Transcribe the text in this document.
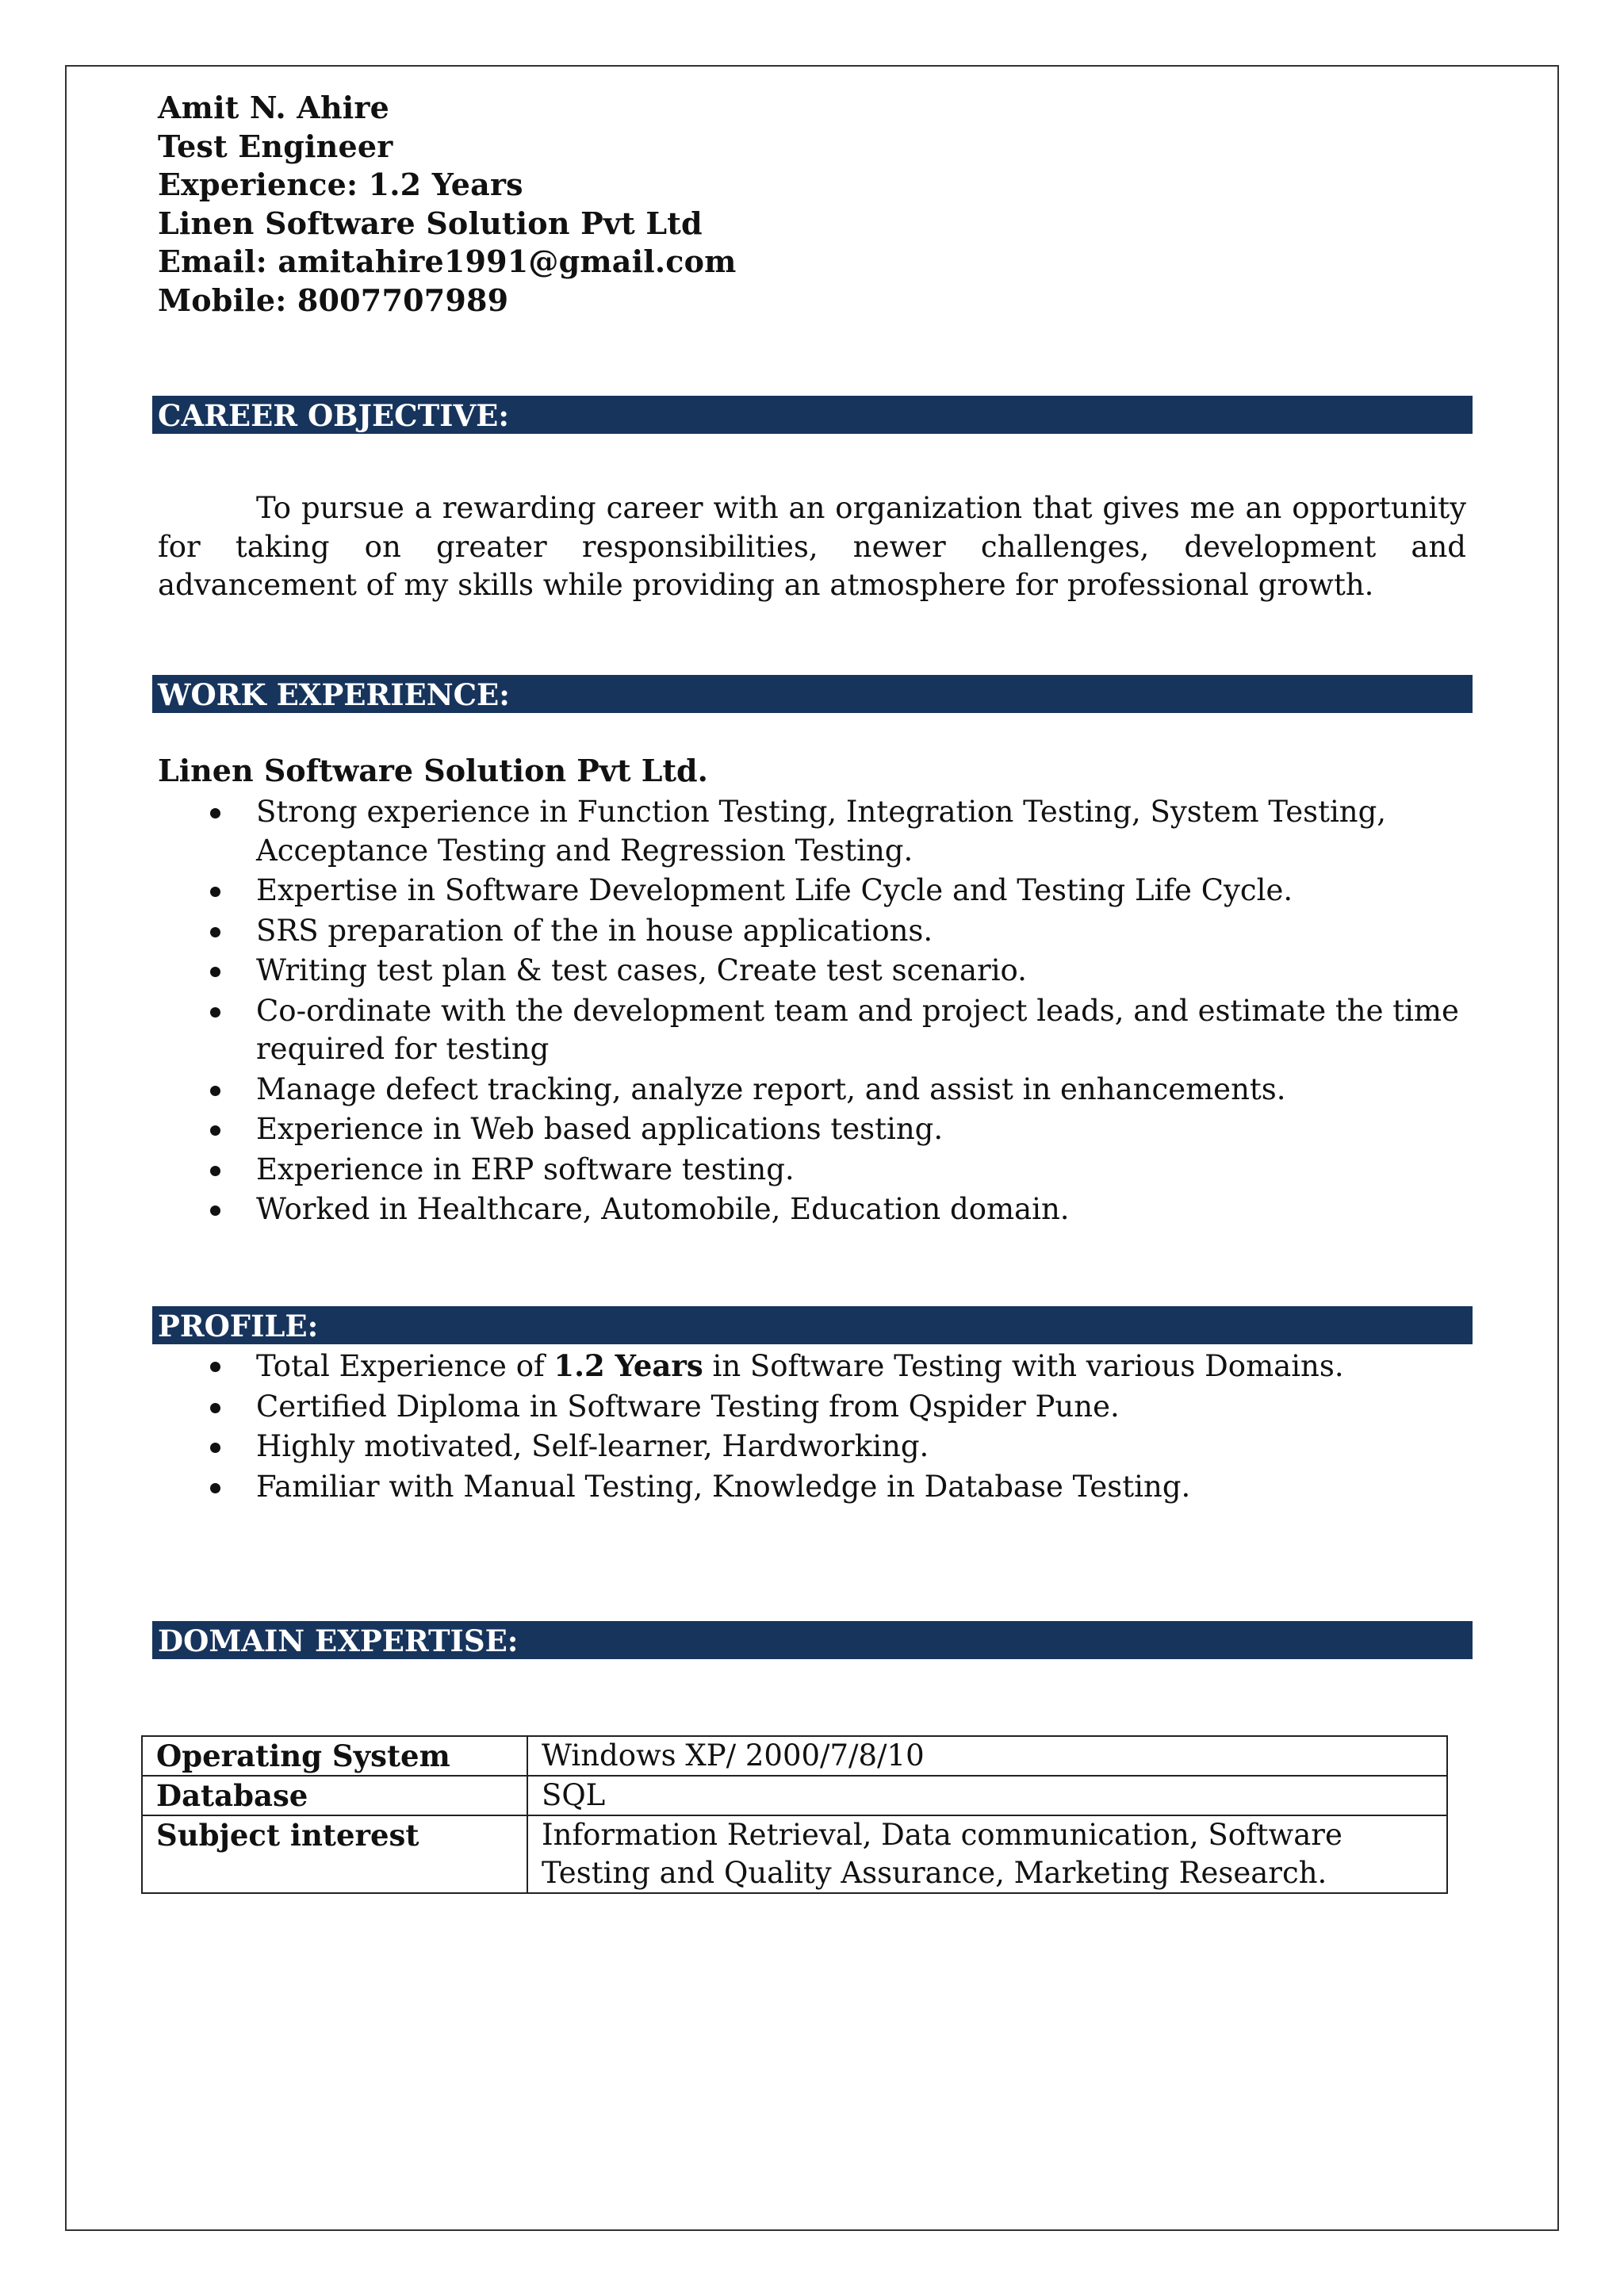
Amit N. Ahire
Test Engineer
Experience: 1.2 Years
Linen Software Solution Pvt Ltd
Email: amitahire1991@gmail.com
Mobile: 8007707989
CAREER OBJECTIVE:
To pursue a rewarding career with an organization that gives me an opportunity for taking on greater responsibilities, newer challenges, development and advancement of my skills while providing an atmosphere for professional growth.
WORK EXPERIENCE:
Linen Software Solution Pvt Ltd.
Strong experience in Function Testing, Integration Testing, System Testing, Acceptance Testing and Regression Testing.
Expertise in Software Development Life Cycle and Testing Life Cycle.
SRS preparation of the in house applications.
Writing test plan & test cases, Create test scenario.
Co-ordinate with the development team and project leads, and estimate the time required for testing
Manage defect tracking, analyze report, and assist in enhancements.
Experience in Web based applications testing.
Experience in ERP software testing.
Worked in Healthcare, Automobile, Education domain.
PROFILE:
Total Experience of 1.2 Years in Software Testing with various Domains.
Certified Diploma in Software Testing from Qspider Pune.
Highly motivated, Self-learner, Hardworking.
Familiar with Manual Testing, Knowledge in Database Testing.
DOMAIN EXPERTISE:
Operating System	Windows XP/ 2000/7/8/10
Database	SQL
Subject interest	Information Retrieval, Data communication, Software Testing and Quality Assurance, Marketing Research.
